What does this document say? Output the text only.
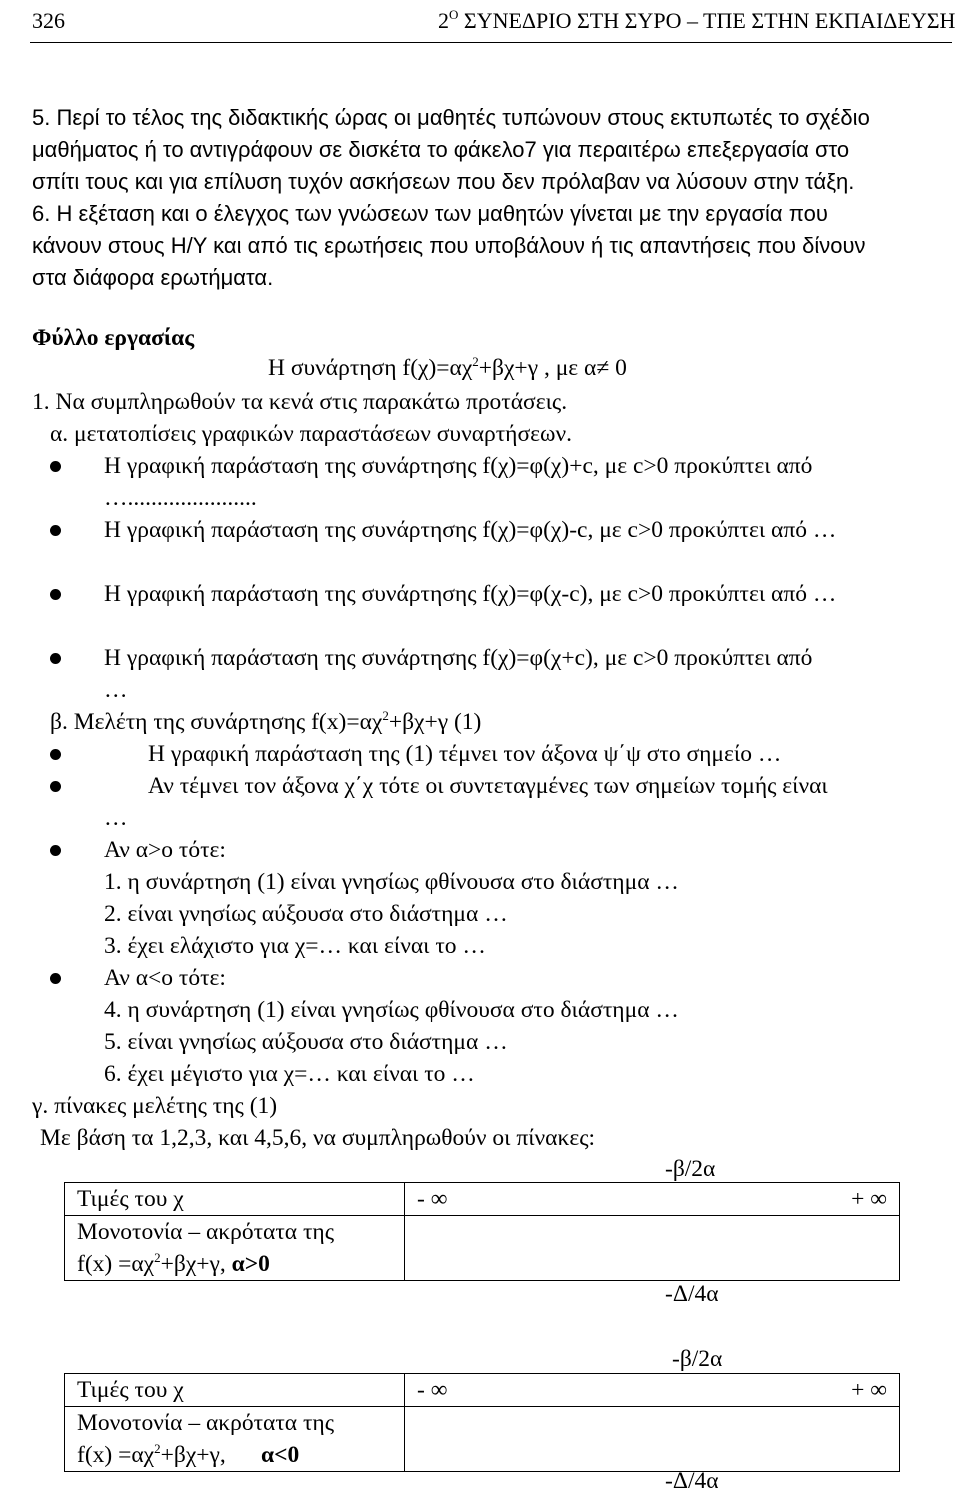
326	$2^O$ ΣΥΝΕΔΡΙΟ ΣΤΗ ΣΥΡΟ – ΤΠΕ ΣΤΗΝ ΕΚΠΑΙΔΕΥΣΗ
5. Περί το τέλος της διδακτικής ώρας οι μαθητές τυπώνουν στους εκτυπωτές το σχέδιο
μαθήματος ή το αντιγράφουν σε δισκέτα το φάκελο7 για περαιτέρω επεξεργασία στο
σπίτι τους και για επίλυση τυχόν ασκήσεων που δεν πρόλαβαν να λύσουν στην τάξη.
6. Η εξέταση και ο έλεγχος των γνώσεων των μαθητών γίνεται με την εργασία που
κάνουν στους Η/Υ και από τις ερωτήσεις που υποβάλουν ή τις απαντήσεις που δίνουν
στα διάφορα ερωτήματα.
Φύλλο εργασίας
Η συνάρτηση $f(\chi)=\alpha\chi^2+\beta\chi+\gamma$ , με α≠ 0
1. Να συμπληρωθούν τα κενά στις παρακάτω προτάσεις.
α. μετατοπίσεις γραφικών παραστάσεων συναρτήσεων.
Η γραφική παράσταση της συνάρτησης f(χ)=φ(χ)+c, με c>0 προκύπτει από
…......................
Η γραφική παράσταση της συνάρτησης f(χ)=φ(χ)-c, με c>0 προκύπτει από …
Η γραφική παράσταση της συνάρτησης f(χ)=φ(χ-c), με c>0 προκύπτει από …
Η γραφική παράσταση της συνάρτησης f(χ)=φ(χ+c), με c>0 προκύπτει από
…
β. Μελέτη της συνάρτησης $f(x)=\alpha\chi^2+\beta\chi+\gamma$ (1)
Η γραφική παράσταση της (1) τέμνει τον άξονα ψ΄ψ στο σημείο …
Αν τέμνει τον άξονα χ΄χ τότε οι συντεταγμένες των σημείων τομής είναι
…
Αν α>ο τότε:
1. η συνάρτηση (1) είναι γνησίως φθίνουσα στο διάστημα …
2. είναι γνησίως αύξουσα στο διάστημα …
3. έχει ελάχιστο για χ=… και είναι το …
Αν α<ο τότε:
4. η συνάρτηση (1) είναι γνησίως φθίνουσα στο διάστημα …
5. είναι γνησίως αύξουσα στο διάστημα …
6. έχει μέγιστο για χ=… και είναι το …
γ. πίνακες μελέτης της (1)
Με βάση τα 1,2,3, και 4,5,6, να συμπληρωθούν οι πίνακες:
-β/2α
Τιμές του χ	- ∞ + ∞

Μονοτονία – ακρότατα της
$f(x) =\alpha\chi^2+\beta\chi+\gamma$, α>0	

-Δ/4α
-β/2α
Τιμές του χ	- ∞ + ∞

Μονοτονία – ακρότατα της
$f(x) =\alpha\chi^2+\beta\chi+\gamma$,      α<0	

-Δ/4α
